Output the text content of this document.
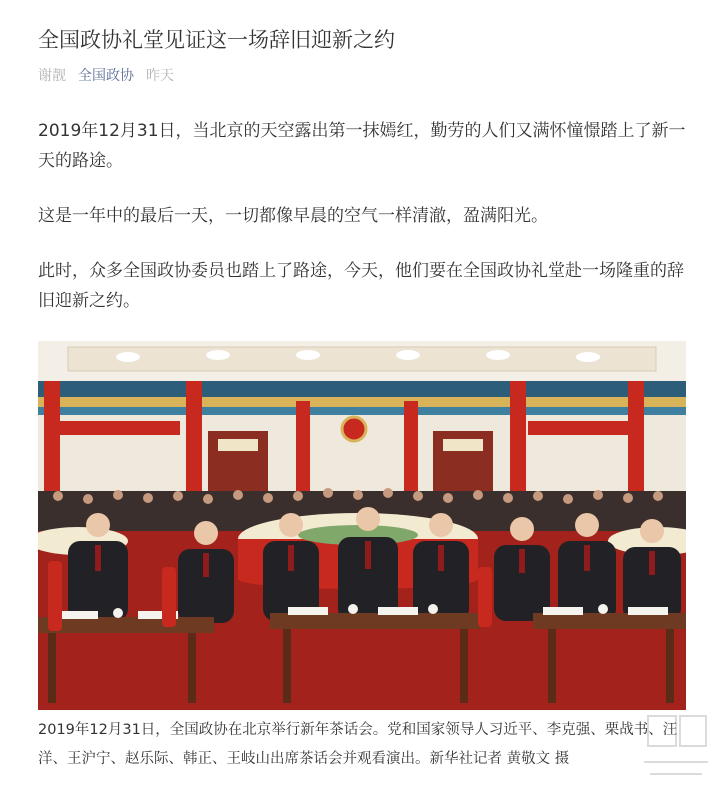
全国政协礼堂见证这一场辞旧迎新之约
谢靓 全国政协 昨天

2019年12月31日，当北京的天空露出第一抹嫣红，勤劳的人们又满怀憧憬踏上了新一天的路途。

这是一年中的最后一天，一切都像早晨的空气一样清澈，盈满阳光。

此时，众多全国政协委员也踏上了路途，今天，他们要在全国政协礼堂赴一场隆重的辞旧迎新之约。

2019年12月31日，全国政协在北京举行新年茶话会。党和国家领导人习近平、李克强、栗战书、汪洋、王沪宁、赵乐际、韩正、王岐山出席茶话会并观看演出。新华社记者 黄敬文 摄
